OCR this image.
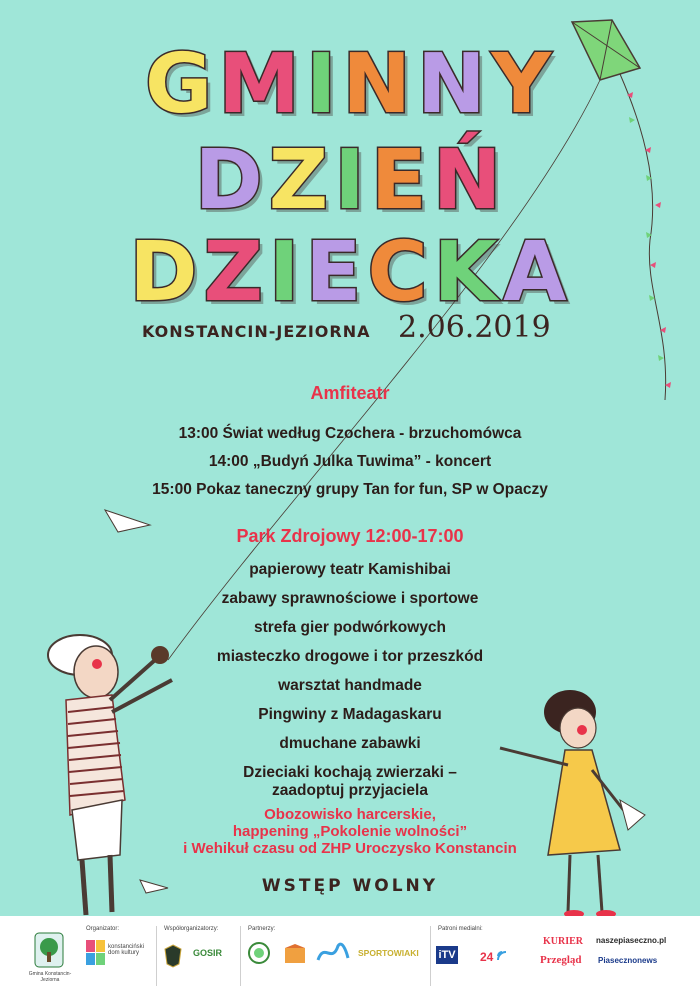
GMINNY
DZIEŃ
DZIECKA
KONSTANCIN-JEZIORNA 2.06.2019
Amfiteatr
13:00 Świat według Czochera - brzuchomówca
14:00 „Budyń Julka Tuwima” - koncert
15:00 Pokaz taneczny grupy Tan for fun, SP w Opaczy
Park Zdrojowy 12:00-17:00
papierowy teatr Kamishibai
zabawy sprawnościowe i sportowe
strefa gier podwórkowych
miasteczko drogowe i tor przeszkód
warsztat handmade
Pingwiny z Madagaskaru
dmuchane zabawki
Dzieciaki kochają zwierzaki –
zaadoptuj przyjaciela
Obozowisko harcerskie,
happening „Pokolenie wolności”
i Wehikuł czasu od ZHP Uroczysko Konstancin
WSTĘP WOLNY
Gmina Konstancin-Jeziorna
Organizator:
konstanciński dom kultury
Współorganizatorzy:
GOSIR
Partnerzy:
SPORTOWIAKI
Patroni medialni:
iTV 24
KURIER
Przegląd
naszepiaseczno.pl
Piasecznonews
